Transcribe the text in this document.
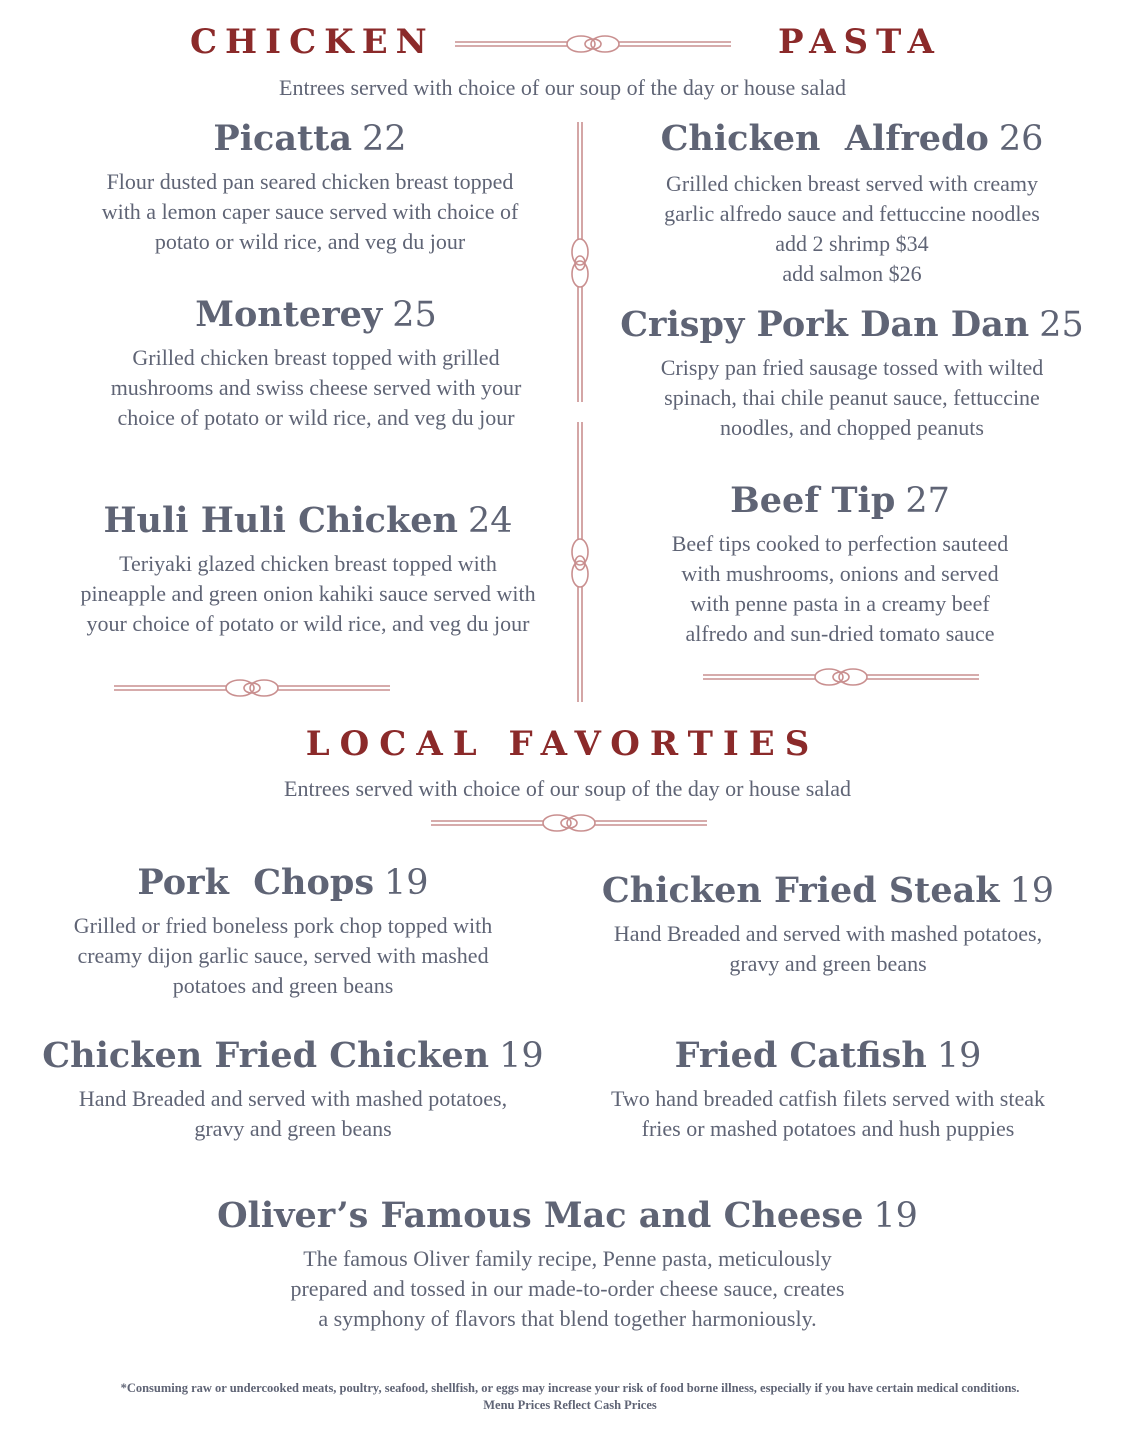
CHICKEN	PASTA
Entrees served with choice of our soup of the day or house salad
Picatta 22
Flour dusted pan seared chicken breast topped
with a lemon caper sauce served with choice of
potato or wild rice, and veg du jour
Monterey 25
Grilled chicken breast topped with grilled
mushrooms and swiss cheese served with your
choice of potato or wild rice, and veg du jour
Huli Huli Chicken 24
Teriyaki glazed chicken breast topped with
pineapple and green onion kahiki sauce served with
your choice of potato or wild rice, and veg du jour
Chicken  Alfredo 26
Grilled chicken breast served with creamy
garlic alfredo sauce and fettuccine noodles
add 2 shrimp $34
add salmon $26
Crispy Pork Dan Dan 25
Crispy pan fried sausage tossed with wilted
spinach, thai chile peanut sauce, fettuccine
noodles, and chopped peanuts
Beef Tip 27
Beef tips cooked to perfection sauteed
with mushrooms, onions and served
with penne pasta in a creamy beef
alfredo and sun-dried tomato sauce
LOCAL FAVORTIES
Entrees served with choice of our soup of the day or house salad
Pork  Chops 19
Grilled or fried boneless pork chop topped with
creamy dijon garlic sauce, served with mashed
potatoes and green beans
Chicken Fried Steak 19
Hand Breaded and served with mashed potatoes,
gravy and green beans
Chicken Fried Chicken 19
Hand Breaded and served with mashed potatoes,
gravy and green beans
Fried Catfish 19
Two hand breaded catfish filets served with steak
fries or mashed potatoes and hush puppies
Oliver’s Famous Mac and Cheese 19
The famous Oliver family recipe, Penne pasta, meticulously
prepared and tossed in our made-to-order cheese sauce, creates
a symphony of flavors that blend together harmoniously.
*Consuming raw or undercooked meats, poultry, seafood, shellfish, or eggs may increase your risk of food borne illness, especially if you have certain medical conditions.
Menu Prices Reflect Cash Prices
